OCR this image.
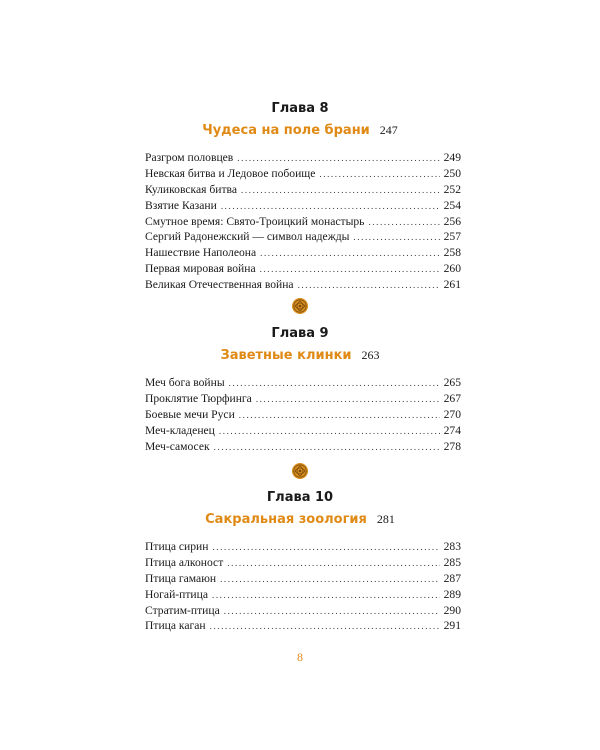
Глава 8
Чудеса на поле брани 247
Разгром половцев .....	249
Невская битва и Ледовое побоище .....	250
Куликовская битва .....	252
Взятие Казани .....	254
Смутное время: Свято-Троицкий монастырь .....	256
Сергий Радонежский — символ надежды .....	257
Нашествие Наполеона .....	258
Первая мировая война .....	260
Великая Отечественная война .....	261
Глава 9
Заветные клинки 263
Меч бога войны .....	265
Проклятие Тюрфинга .....	267
Боевые мечи Руси .....	270
Меч-кладенец .....	274
Меч-самосек .....	278
Глава 10
Сакральная зоология 281
Птица сирин .....	283
Птица алконост .....	285
Птица гамаюн .....	287
Ногай-птица .....	289
Стратим-птица .....	290
Птица каган .....	291
8
